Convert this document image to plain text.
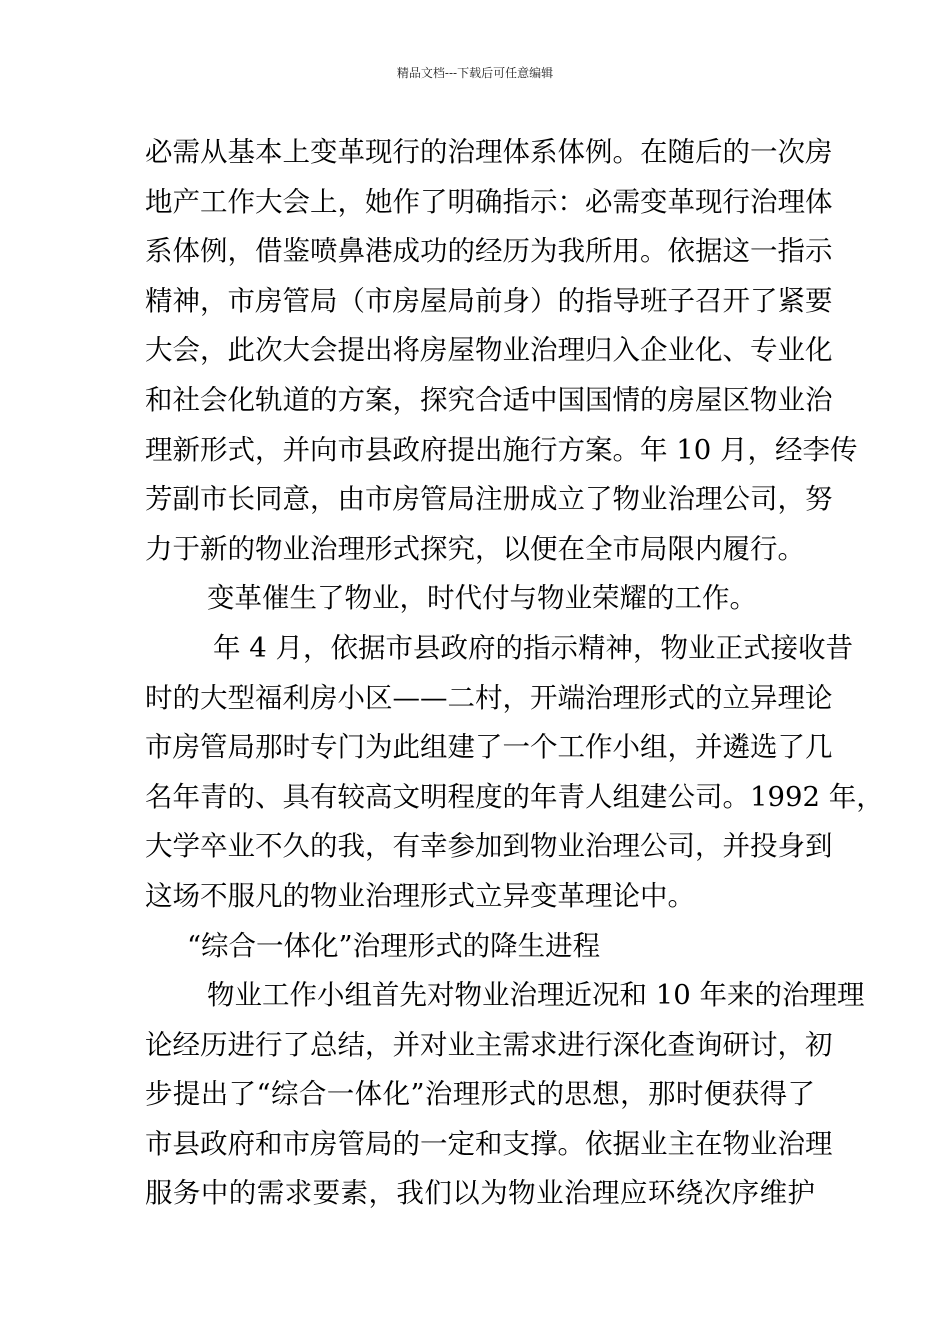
精品文档---下载后可任意编辑
必需从基本上变革现行的治理体系体例。在随后的一次房
地产工作大会上，她作了明确指示：必需变革现行治理体
系体例，借鉴喷鼻港成功的经历为我所用。依据这一指示
精神，市房管局（市房屋局前身）的指导班子召开了紧要
大会，此次大会提出将房屋物业治理归入企业化、专业化
和社会化轨道的方案，探究合适中国国情的房屋区物业治
理新形式，并向市县政府提出施行方案。年 10 月，经李传
芳副市长同意，由市房管局注册成立了物业治理公司，努
力于新的物业治理形式探究，以便在全市局限内履行。
变革催生了物业，时代付与物业荣耀的工作。
年 4 月，依据市县政府的指示精神，物业正式接收昔
时的大型福利房小区——二村，开端治理形式的立异理论
市房管局那时专门为此组建了一个工作小组，并遴选了几
名年青的、具有较高文明程度的年青人组建公司。1992 年，
大学卒业不久的我，有幸参加到物业治理公司，并投身到
这场不服凡的物业治理形式立异变革理论中。
“综合一体化”治理形式的降生进程
物业工作小组首先对物业治理近况和 10 年来的治理理
论经历进行了总结，并对业主需求进行深化查询研讨，初
步提出了“综合一体化”治理形式的思想，那时便获得了
市县政府和市房管局的一定和支撑。依据业主在物业治理
服务中的需求要素，我们以为物业治理应环绕次序维护
